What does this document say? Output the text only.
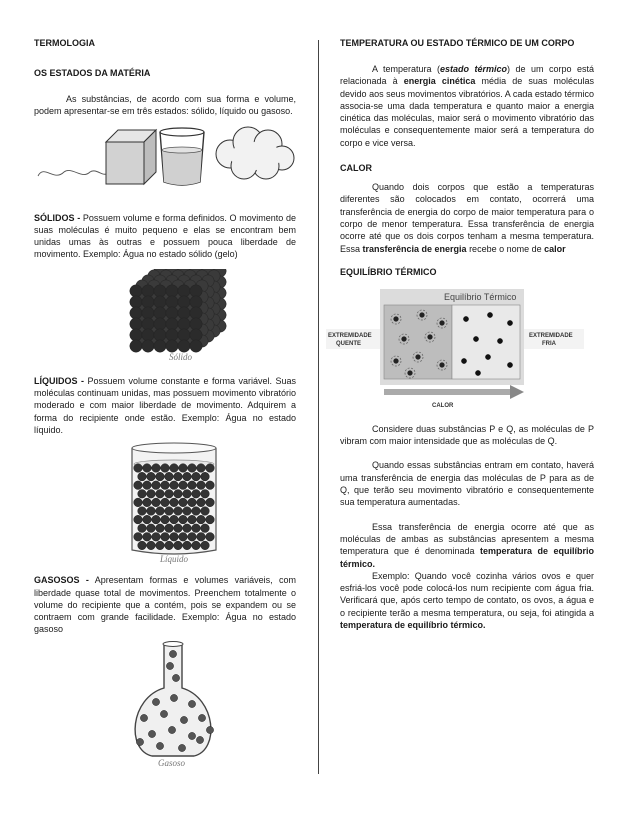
TERMOLOGIA
OS ESTADOS DA MATÉRIA

As substâncias, de acordo com sua forma e volume, podem apresentar-se em três estados: sólido, líquido ou gasoso.

SÓLIDOS - Possuem volume e forma definidos. O movimento de suas moléculas é muito pequeno e elas se encontram bem unidas umas às outras e possuem pouca liberdade de movimento. Exemplo: Água no estado sólido (gelo)

Sólido

LÍQUIDOS - Possuem volume constante e forma variável. Suas moléculas continuam unidas, mas possuem movimento vibratório moderado e com maior liberdade de movimento. Adquirem a forma do recipiente onde estão. Exemplo: Água no estado líquido.

Líquido

GASOSOS - Apresentam formas e volumes variáveis, com liberdade quase total de movimentos. Preenchem totalmente o volume do recipiente que a contém, pois se expandem ou se contraem com grande facilidade. Exemplo: Água no estado gasoso

Gasoso
TEMPERATURA OU ESTADO TÉRMICO DE UM CORPO

A temperatura (estado térmico) de um corpo está relacionada à energia cinética média de suas moléculas devido aos seus movimentos vibratórios. A cada estado térmico associa-se uma dada temperatura e quanto maior a energia cinética das moléculas, maior será o movimento vibratório das moléculas e consequentemente maior será a temperatura do corpo e vice versa.

CALOR

Quando dois corpos que estão a temperaturas diferentes são colocados em contato, ocorrerá uma transferência de energia do corpo de maior temperatura para o corpo de menor temperatura. Essa transferência de energia ocorre até que os dois corpos tenham a mesma temperatura. Essa transferência de energia recebe o nome de calor

EQUILÍBRIO TÉRMICO
Equilíbrio Térmico
EXTREMIDADE
QUENTE
EXTREMIDADE
FRIA
CALOR

Considere duas substâncias P e Q, as moléculas de P vibram com maior intensidade que as moléculas de Q.

Quando essas substâncias entram em contato, haverá uma transferência de energia das moléculas de P para as de Q, que terão seu movimento vibratório e consequentemente sua temperatura aumentadas.

Essa transferência de energia ocorre até que as moléculas de ambas as substâncias apresentem a mesma temperatura que é denominada temperatura de equilíbrio térmico.

Exemplo: Quando você cozinha vários ovos e quer esfriá-los você pode colocá-los num recipiente com água fria. Verificará que, após certo tempo de contato, os ovos, a água e o recipiente terão a mesma temperatura, ou seja, foi atingida a temperatura de equilíbrio térmico.
